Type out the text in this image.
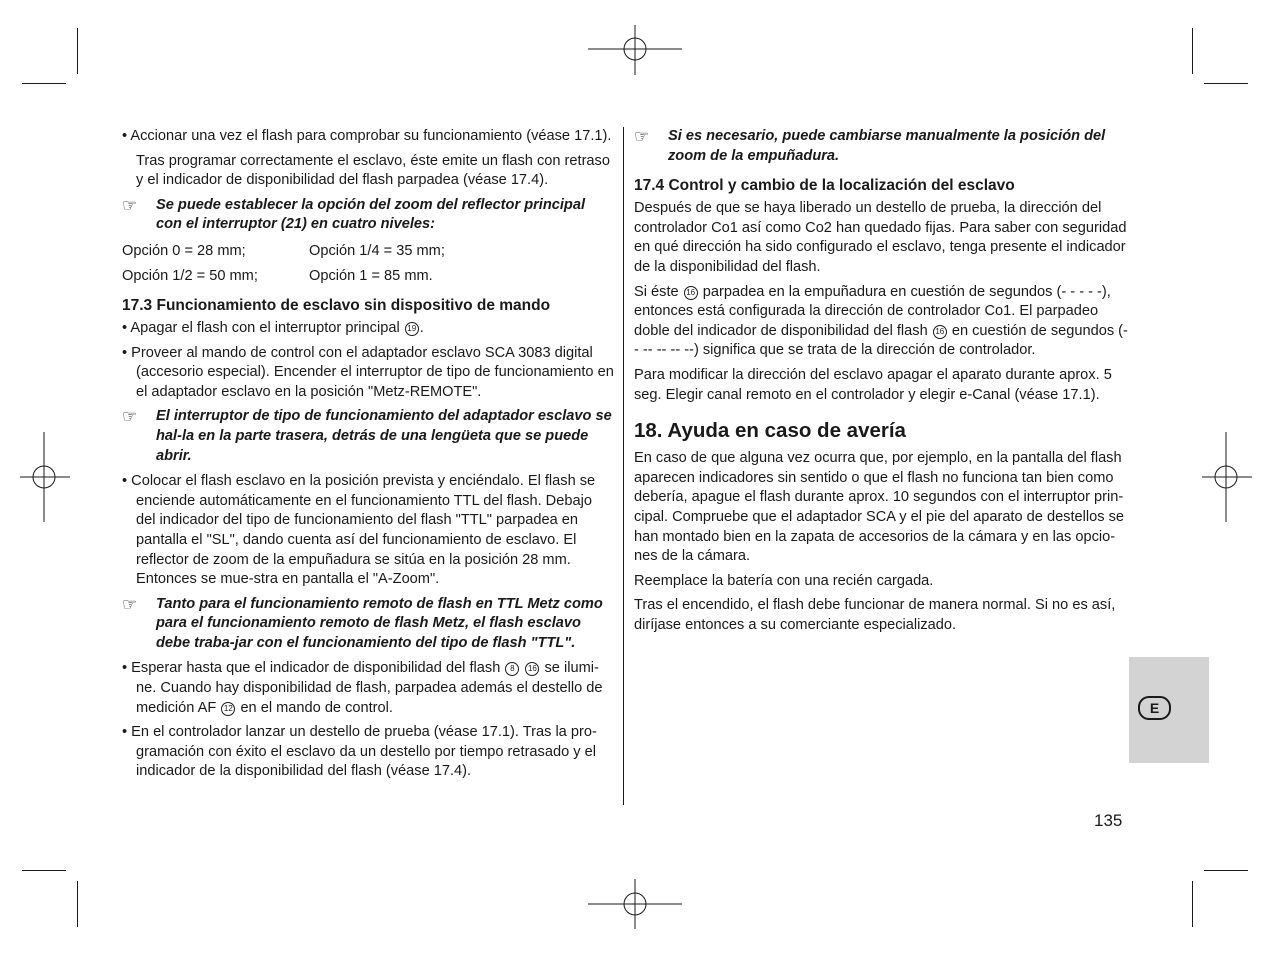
• Accionar una vez el flash para comprobar su funcionamiento (véase 17.1).

Tras programar correctamente el esclavo, éste emite un flash con retraso y el indicador de disponibilidad del flash parpadea (véase 17.4).

☞	Se puede establecer la opción del zoom del reflector principal con el interruptor (21) en cuatro niveles:
Opción 0 = 28 mm;	Opción 1/4 = 35 mm;
Opción 1/2 = 50 mm;	Opción 1 = 85 mm.
17.3 Funcionamiento de esclavo sin dispositivo de mando

• Apagar el flash con el interruptor principal 19 .

• Proveer al mando de control con el adaptador esclavo SCA 3083 digital (accesorio especial). Encender el interruptor de tipo de funcionamiento en el adaptador esclavo en la posición "Metz-REMOTE".

☞	El interruptor de tipo de funcionamiento del adaptador esclavo se hal-la en la parte trasera, detrás de una lengüeta que se puede abrir.

• Colocar el flash esclavo en la posición prevista y enciéndalo. El flash se enciende automáticamente en el funcionamiento TTL del flash. Debajo del indicador del tipo de funcionamiento del flash "TTL" parpadea en pantalla el "SL", dando cuenta así del funcionamiento de esclavo. El reflector de zoom de la empuñadura se sitúa en la posición 28 mm. Entonces se mue-stra en pantalla el "A-Zoom".

☞	Tanto para el funcionamiento remoto de flash en TTL Metz como para el funcionamiento remoto de flash Metz, el flash esclavo debe traba-jar con el funcionamiento del tipo de flash "TTL".

• Esperar hasta que el indicador de disponibilidad del flash 8 16 se ilumi-ne. Cuando hay disponibilidad de flash, parpadea además el destello de medición AF 12 en el mando de control.

• En el controlador lanzar un destello de prueba (véase 17.1). Tras la pro-gramación con éxito el esclavo da un destello por tiempo retrasado y el indicador de la disponibilidad del flash (véase 17.4).

☞	Si es necesario, puede cambiarse manualmente la posición del zoom de la empuñadura.
17.4 Control y cambio de la localización del esclavo

Después de que se haya liberado un destello de prueba, la dirección del controlador Co1 así como Co2 han quedado fijas. Para saber con seguridad en qué dirección ha sido configurado el esclavo, tenga presente el indicador de la disponibilidad del flash.

Si éste 16 parpadea en la empuñadura en cuestión de segundos (- - - - -), entonces está configurada la dirección de controlador Co1. El parpadeo doble del indicador de disponibilidad del flash 16 en cuestión de segundos (-- -- -- -- --) significa que se trata de la dirección de controlador.

Para modificar la dirección del esclavo apagar el aparato durante aprox. 5 seg. Elegir canal remoto en el controlador y elegir e-Canal (véase 17.1).

18. Ayuda en caso de avería

En caso de que alguna vez ocurra que, por ejemplo, en la pantalla del flash aparecen indicadores sin sentido o que el flash no funciona tan bien como debería, apague el flash durante aprox. 10 segundos con el interruptor prin-cipal. Compruebe que el adaptador SCA y el pie del aparato de destellos se han montado bien en la zapata de accesorios de la cámara y en las opcio-nes de la cámara.

Reemplace la batería con una recién cargada.

Tras el encendido, el flash debe funcionar de manera normal. Si no es así, diríjase entonces a su comerciante especializado.

E
135
